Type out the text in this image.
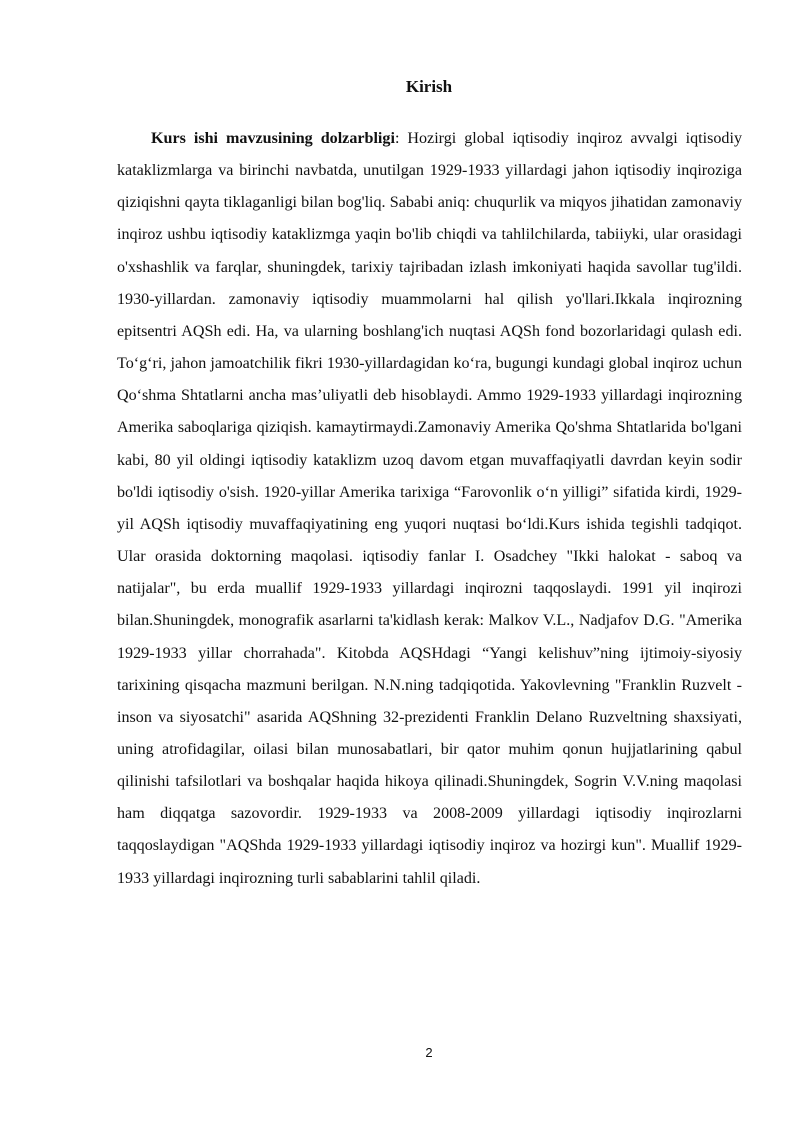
Kirish

Kurs ishi mavzusining dolzarbligi: Hozirgi global iqtisodiy inqiroz avvalgi iqtisodiy kataklizmlarga va birinchi navbatda, unutilgan 1929-1933 yillardagi jahon iqtisodiy inqiroziga qiziqishni qayta tiklaganligi bilan bog'liq. Sababi aniq: chuqurlik va miqyos jihatidan zamonaviy inqiroz ushbu iqtisodiy kataklizmga yaqin bo'lib chiqdi va tahlilchilarda, tabiiyki, ular orasidagi o'xshashlik va farqlar, shuningdek, tarixiy tajribadan izlash imkoniyati haqida savollar tug'ildi. 1930-yillardan. zamonaviy iqtisodiy muammolarni hal qilish yo'llari.Ikkala inqirozning epitsentri AQSh edi. Ha, va ularning boshlang'ich nuqtasi AQSh fond bozorlaridagi qulash edi. To‘g‘ri, jahon jamoatchilik fikri 1930-yillardagidan ko‘ra, bugungi kundagi global inqiroz uchun Qo‘shma Shtatlarni ancha mas’uliyatli deb hisoblaydi. Ammo 1929-1933 yillardagi inqirozning Amerika saboqlariga qiziqish. kamaytirmaydi.Zamonaviy Amerika Qo'shma Shtatlarida bo'lgani kabi, 80 yil oldingi iqtisodiy kataklizm uzoq davom etgan muvaffaqiyatli davrdan keyin sodir bo'ldi iqtisodiy o'sish. 1920-yillar Amerika tarixiga “Farovonlik o‘n yilligi” sifatida kirdi, 1929-yil AQSh iqtisodiy muvaffaqiyatining eng yuqori nuqtasi bo‘ldi.Kurs ishida tegishli tadqiqot. Ular orasida doktorning maqolasi. iqtisodiy fanlar I. Osadchey "Ikki halokat - saboq va natijalar", bu erda muallif 1929-1933 yillardagi inqirozni taqqoslaydi. 1991 yil inqirozi bilan.Shuningdek, monografik asarlarni ta'kidlash kerak: Malkov V.L., Nadjafov D.G. "Amerika 1929-1933 yillar chorrahada". Kitobda AQSHdagi “Yangi kelishuv”ning ijtimoiy-siyosiy tarixining qisqacha mazmuni berilgan. N.N.ning tadqiqotida. Yakovlevning "Franklin Ruzvelt - inson va siyosatchi" asarida AQShning 32-prezidenti Franklin Delano Ruzveltning shaxsiyati, uning atrofidagilar, oilasi bilan munosabatlari, bir qator muhim qonun hujjatlarining qabul qilinishi tafsilotlari va boshqalar haqida hikoya qilinadi.Shuningdek, Sogrin V.V.ning maqolasi ham diqqatga sazovordir. 1929-1933 va 2008-2009 yillardagi iqtisodiy inqirozlarni taqqoslaydigan "AQShda 1929-1933 yillardagi iqtisodiy inqiroz va hozirgi kun". Muallif 1929-1933 yillardagi inqirozning turli sabablarini tahlil qiladi.

2
